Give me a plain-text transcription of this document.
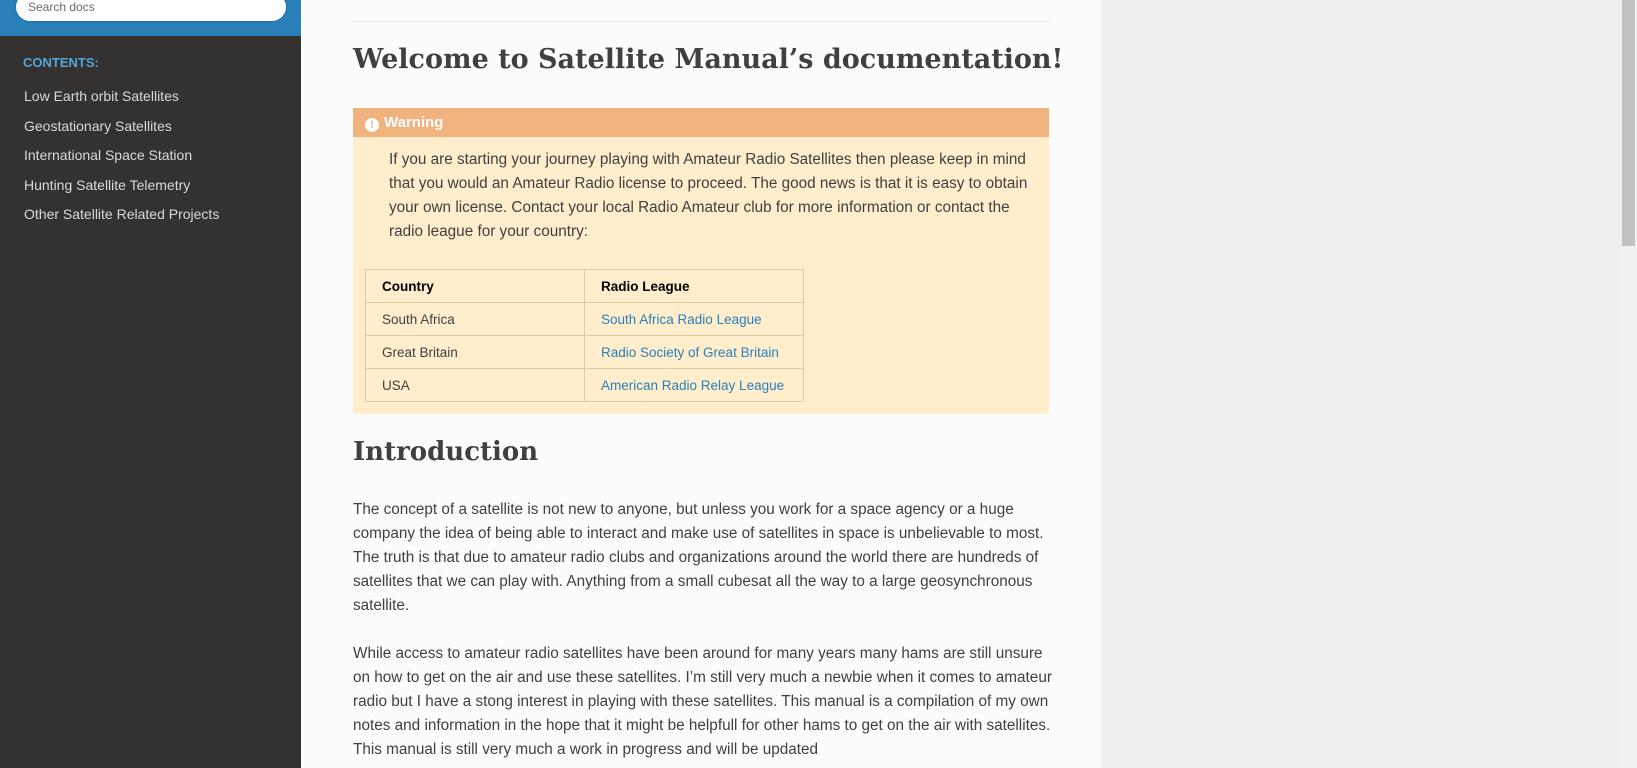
Search docs
CONTENTS:
Low Earth orbit Satellites
Geostationary Satellites
International Space Station
Hunting Satellite Telemetry
Other Satellite Related Projects
Welcome to Satellite Manual’s documentation!
! Warning

If you are starting your journey playing with Amateur Radio Satellites then please keep in mind that you would an Amateur Radio license to proceed. The good news is that it is easy to obtain your own license. Contact your local Radio Amateur club for more information or contact the radio league for your country:

Country	Radio League
South Africa	South Africa Radio League
Great Britain	Radio Society of Great Britain
USA	American Radio Relay League
Introduction

The concept of a satellite is not new to anyone, but unless you work for a space agency or a huge company the idea of being able to interact and make use of satellites in space is unbelievable to most. The truth is that due to amateur radio clubs and organizations around the world there are hundreds of satellites that we can play with. Anything from a small cubesat all the way to a large geosynchronous satellite.

While access to amateur radio satellites have been around for many years many hams are still unsure on how to get on the air and use these satellites. I’m still very much a newbie when it comes to amateur radio but I have a stong interest in playing with these satellites. This manual is a compilation of my own notes and information in the hope that it might be helpfull for other hams to get on the air with satellites. This manual is still very much a work in progress and will be updated
